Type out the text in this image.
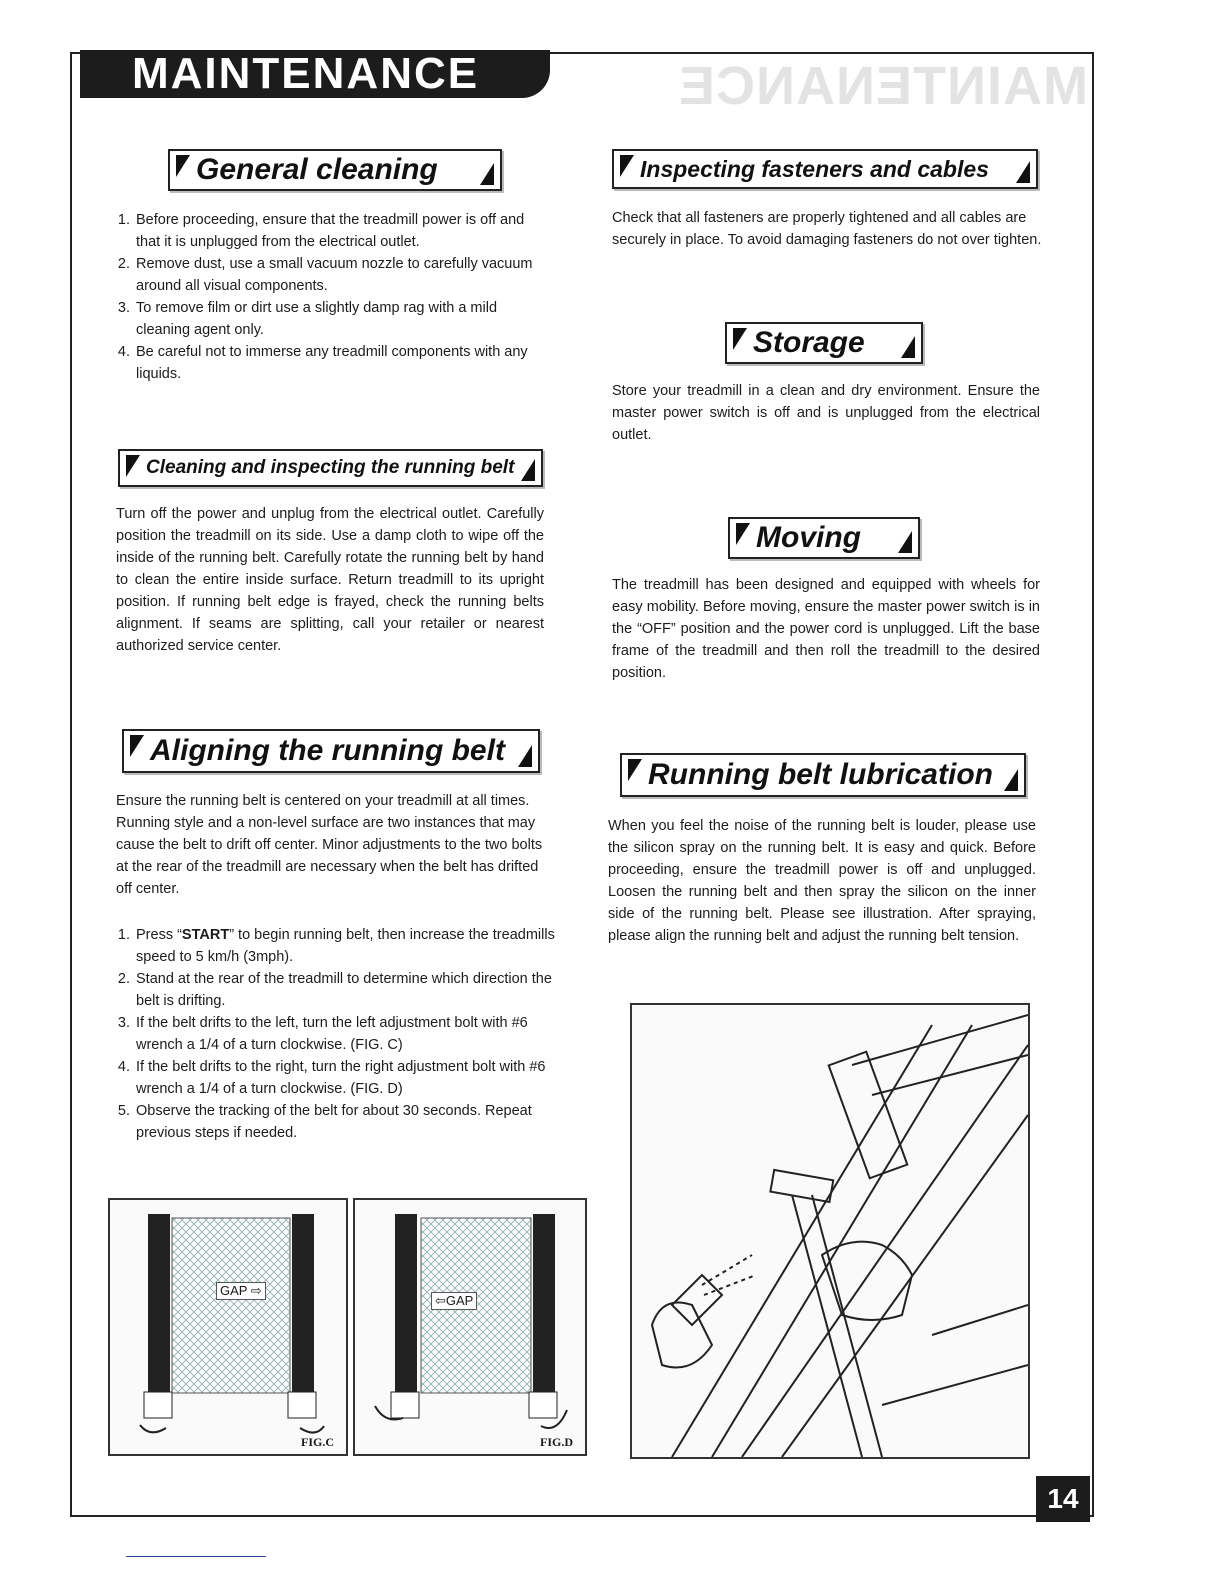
MAINTENANCE
MAINTENANCE
General cleaning
1. Before proceeding, ensure that the treadmill power is off and that it is unplugged from the electrical outlet.
2. Remove dust, use a small vacuum nozzle to carefully vacuum around all visual components.
3. To remove film or dirt use a slightly damp rag with a mild cleaning agent only.
4. Be careful not to immerse any treadmill components with any liquids.
Cleaning and inspecting the running belt
Turn off the power and unplug from the electrical outlet. Carefully position the treadmill on its side. Use a damp cloth to wipe off the inside of the running belt. Carefully rotate the running belt by hand to clean the entire inside surface. Return treadmill to its upright position. If running belt edge is frayed, check the running belts alignment. If seams are splitting, call your retailer or nearest authorized service center.
Aligning the running belt
Ensure the running belt is centered on your treadmill at all times. Running style and a non-level surface are two instances that may cause the belt to drift off center. Minor adjustments to the two bolts at the rear of the treadmill are necessary when the belt has drifted off center.
1. Press “START” to begin running belt, then increase the treadmills speed to 5 km/h (3mph).
2. Stand at the rear of the treadmill to determine which direction the belt is drifting.
3. If the belt drifts to the left, turn the left adjustment bolt with #6 wrench a 1/4 of a turn clockwise. (FIG. C)
4. If the belt drifts to the right, turn the right adjustment bolt with #6 wrench a 1/4 of a turn clockwise. (FIG. D)
5. Observe the tracking of the belt for about 30 seconds. Repeat previous steps if needed.
GAP ⇨
FIG.C
⇦GAP
FIG.D
Inspecting fasteners and cables
Check that all fasteners are properly tightened and all cables are securely in place. To avoid damaging fasteners do not over tighten.
Storage
Store your treadmill in a clean and dry environment. Ensure the master power switch is off and is unplugged from the electrical outlet.
Moving
The treadmill has been designed and equipped with wheels for easy mobility. Before moving, ensure the master power switch is in the “OFF” position and the power cord is unplugged. Lift the base frame of the treadmill and then roll the treadmill to the desired position.
Running belt lubrication
When you feel the noise of the running belt is louder, please use the silicon spray on the running belt. It is easy and quick. Before proceeding, ensure the treadmill power is off and unplugged. Loosen the running belt and then spray the silicon on the inner side of the running belt. Please see illustration. After spraying, please align the running belt and adjust the running belt tension.
14
